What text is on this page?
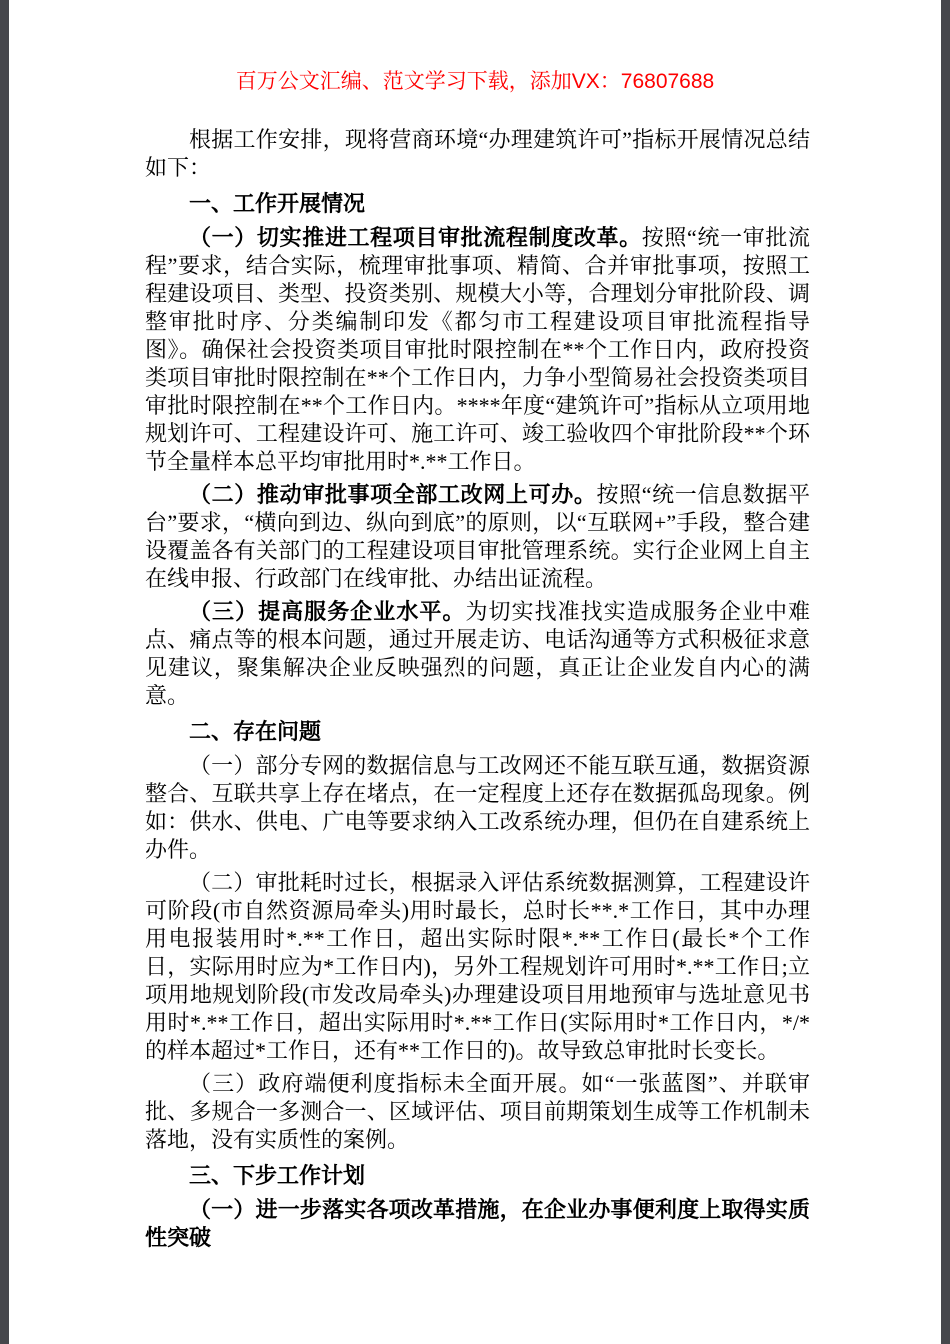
百万公文汇编、范文学习下载，添加VX：76807688

根据工作安排，现将营商环境“办理建筑许可”指标开展情况总结如下：

一、工作开展情况

（一）切实推进工程项目审批流程制度改革。按照“统一审批流程”要求，结合实际，梳理审批事项、精简、合并审批事项，按照工程建设项目、类型、投资类别、规模大小等，合理划分审批阶段、调整审批时序、分类编制印发《都匀市工程建设项目审批流程指导图》。确保社会投资类项目审批时限控制在**个工作日内，政府投资类项目审批时限控制在**个工作日内，力争小型简易社会投资类项目审批时限控制在**个工作日内。****年度“建筑许可”指标从立项用地规划许可、工程建设许可、施工许可、竣工验收四个审批阶段**个环节全量样本总平均审批用时*.**工作日。

（二）推动审批事项全部工改网上可办。按照“统一信息数据平台”要求，“横向到边、纵向到底”的原则，以“互联网+”手段，整合建设覆盖各有关部门的工程建设项目审批管理系统。实行企业网上自主在线申报、行政部门在线审批、办结出证流程。

（三）提高服务企业水平。为切实找准找实造成服务企业中难点、痛点等的根本问题，通过开展走访、电话沟通等方式积极征求意见建议，聚集解决企业反映强烈的问题，真正让企业发自内心的满意。

二、存在问题

（一）部分专网的数据信息与工改网还不能互联互通，数据资源整合、互联共享上存在堵点，在一定程度上还存在数据孤岛现象。例如：供水、供电、广电等要求纳入工改系统办理，但仍在自建系统上办件。

（二）审批耗时过长，根据录入评估系统数据测算，工程建设许可阶段(市自然资源局牵头)用时最长，总时长**.*工作日，其中办理用电报装用时*.**工作日，超出实际时限*.**工作日(最长*个工作日，实际用时应为*工作日内)，另外工程规划许可用时*.**工作日;立项用地规划阶段(市发改局牵头)办理建设项目用地预审与选址意见书用时*.**工作日，超出实际用时*.**工作日(实际用时*工作日内，*/*的样本超过*工作日，还有**工作日的)。故导致总审批时长变长。

（三）政府端便利度指标未全面开展。如“一张蓝图”、并联审批、多规合一多测合一、区域评估、项目前期策划生成等工作机制未落地，没有实质性的案例。

三、下步工作计划

（一）进一步落实各项改革措施，在企业办事便利度上取得实质性突破
